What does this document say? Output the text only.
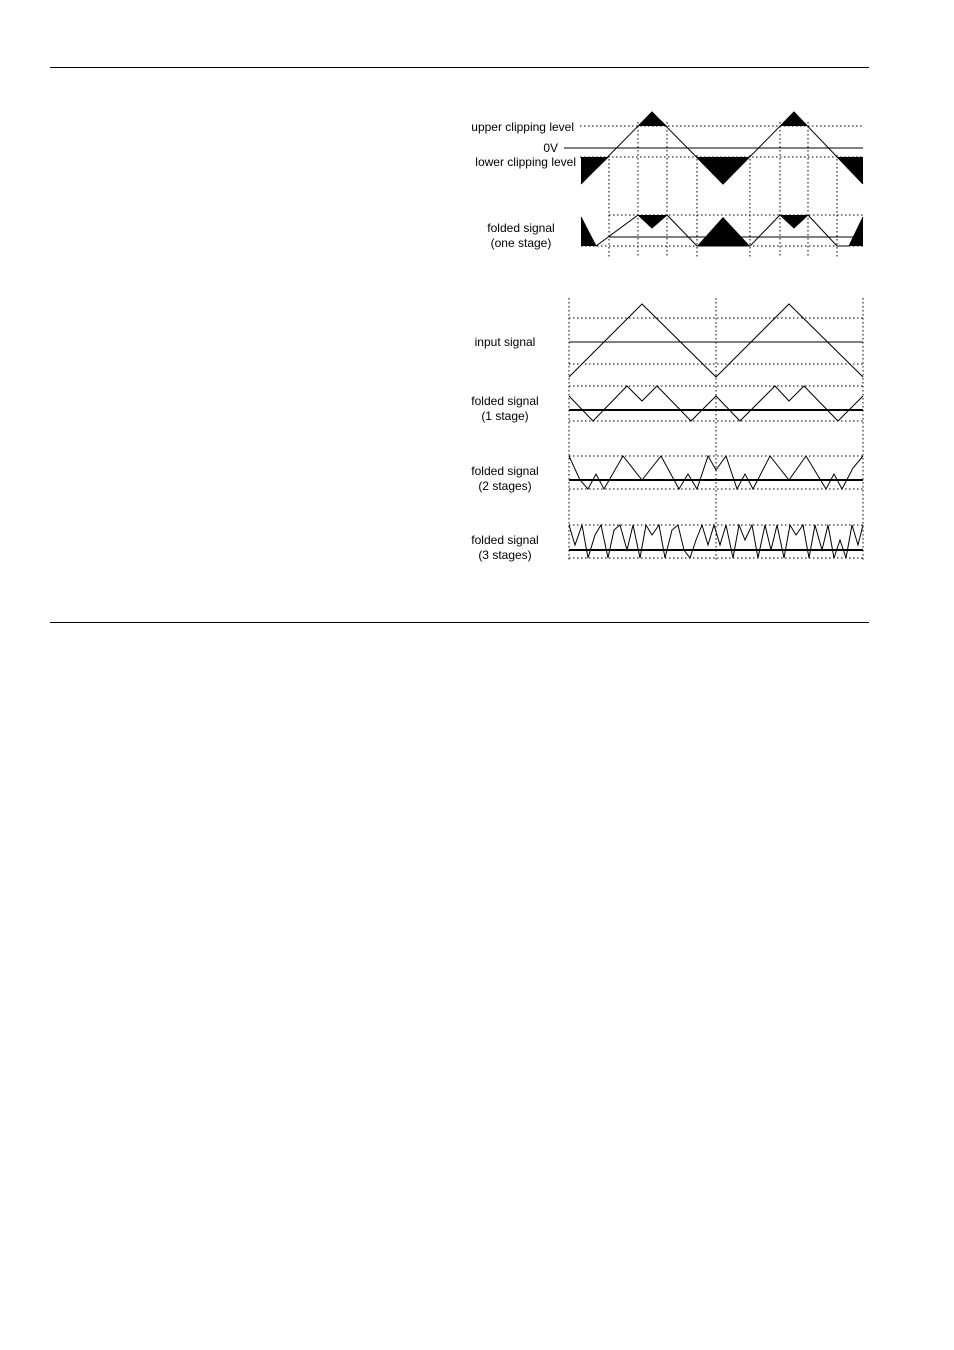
upper clipping level
0V
lower clipping level
folded signal
(one stage)
input signal
folded signal
(1 stage)
folded signal
(2 stages)
folded signal
(3 stages)
